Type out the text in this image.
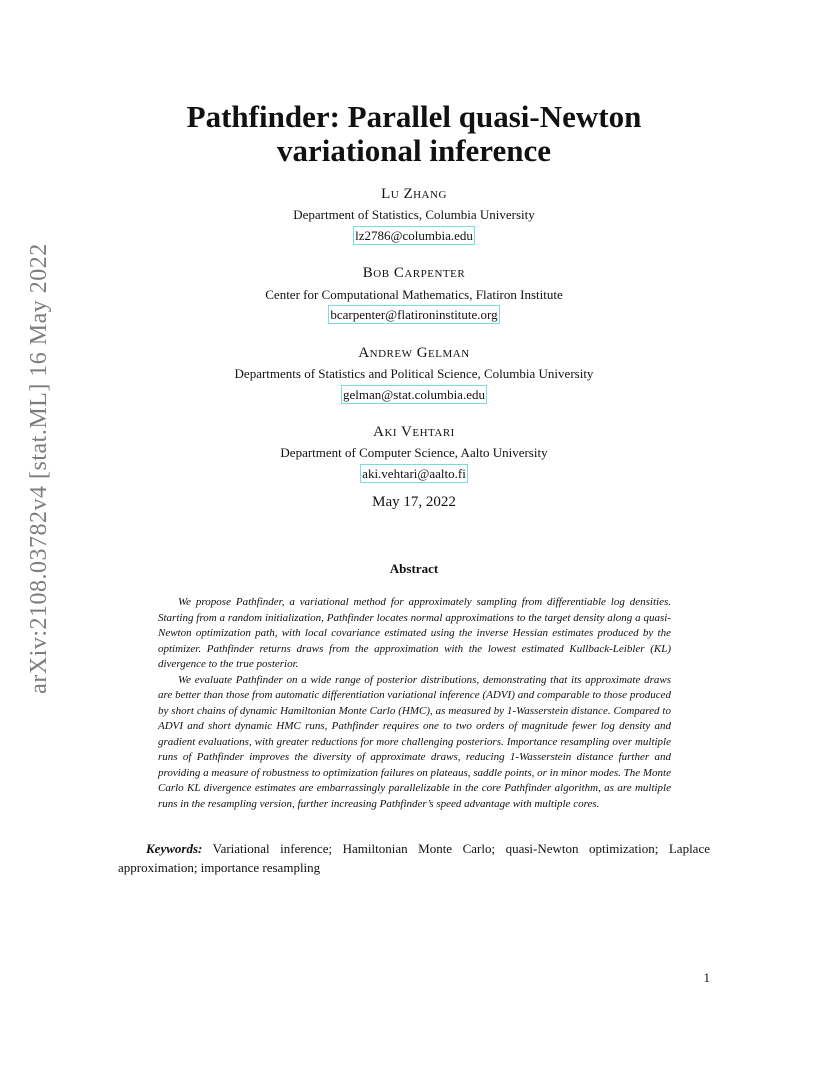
arXiv:2108.03782v4 [stat.ML] 16 May 2022
Pathfinder: Parallel quasi-Newton
variational inference
Lu Zhang
Department of Statistics, Columbia University
lz2786@columbia.edu
Bob Carpenter
Center for Computational Mathematics, Flatiron Institute
bcarpenter@flatironinstitute.org
Andrew Gelman
Departments of Statistics and Political Science, Columbia University
gelman@stat.columbia.edu
Aki Vehtari
Department of Computer Science, Aalto University
aki.vehtari@aalto.fi
May 17, 2022
Abstract

We propose Pathfinder, a variational method for approximately sampling from differentiable log densities. Starting from a random initialization, Pathfinder locates normal approximations to the target density along a quasi-Newton optimization path, with local covariance estimated using the inverse Hessian estimates produced by the optimizer. Pathfinder returns draws from the approximation with the lowest estimated Kullback-Leibler (KL) divergence to the true posterior.

We evaluate Pathfinder on a wide range of posterior distributions, demonstrating that its approximate draws are better than those from automatic differentiation variational inference (ADVI) and comparable to those produced by short chains of dynamic Hamiltonian Monte Carlo (HMC), as measured by 1-Wasserstein distance. Compared to ADVI and short dynamic HMC runs, Pathfinder requires one to two orders of magnitude fewer log density and gradient evaluations, with greater reductions for more challenging posteriors. Importance resampling over multiple runs of Pathfinder improves the diversity of approximate draws, reducing 1-Wasserstein distance further and providing a measure of robustness to optimization failures on plateaus, saddle points, or in minor modes. The Monte Carlo KL divergence estimates are embarrassingly parallelizable in the core Pathfinder algorithm, as are multiple runs in the resampling version, further increasing Pathfinder’s speed advantage with multiple cores.

Keywords: Variational inference; Hamiltonian Monte Carlo; quasi-Newton optimization; Laplace approximation; importance resampling
1
